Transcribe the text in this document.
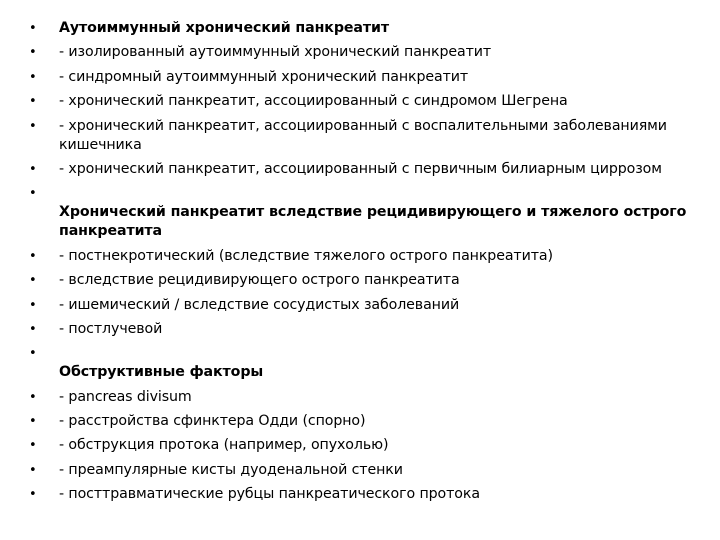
• Аутоиммунный хронический панкреатит
• - изолированный аутоиммунный хронический панкреатит
• - синдромный аутоиммунный хронический панкреатит
• - хронический панкреатит, ассоциированный с синдромом Шегрена
• - хронический панкреатит, ассоциированный с воспалительными заболеваниями кишечника
• - хронический панкреатит, ассоциированный с первичным билиарным циррозом
•
Хронический панкреатит вследствие рецидивирующего и тяжелого острого панкреатита
• - постнекротический (вследствие тяжелого острого панкреатита)
• - вследствие рецидивирующего острого панкреатита
• - ишемический / вследствие сосудистых заболеваний
• - постлучевой
•
Обструктивные факторы
• - pancreas divisum
• - расстройства сфинктера Одди (спорно)
• - обструкция протока (например, опухолью)
• - преампулярные кисты дуоденальной стенки
• - посттравматические рубцы панкреатического протока
